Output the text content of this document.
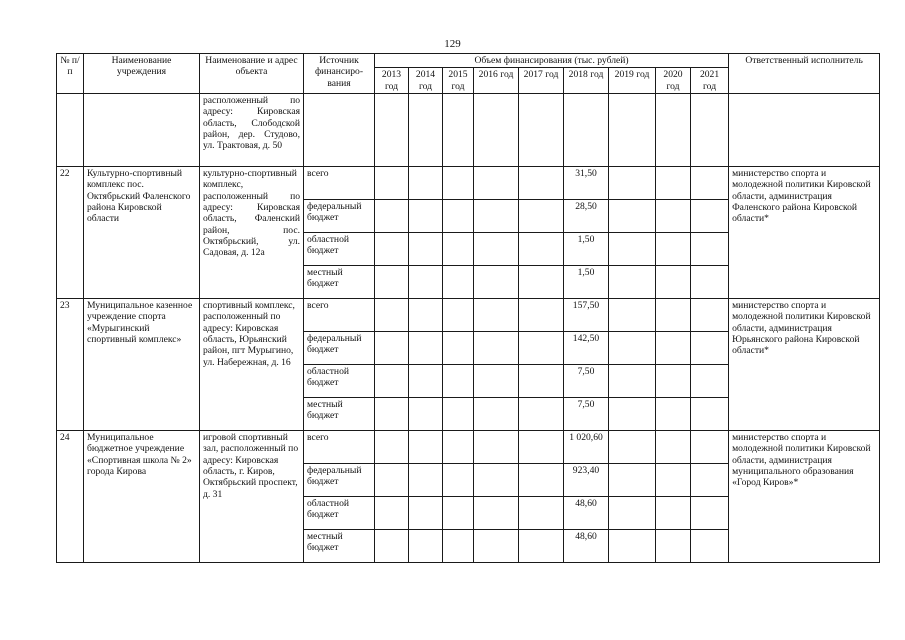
129
№ п/п	Наименование учреждения	Наименование и адрес объекта	Источник финансиро-вания	Объем финансирования (тыс. рублей)									Ответственный исполнитель
				2013 год	2014 год	2015 год	2016 год	2017 год	2018 год	2019 год	2020 год	2021 год	
		расположенный по адресу: Кировская область, Слободской район, дер. Студово, ул. Трактовая, д. 50											
22	Культурно-спортивный комплекс пос. Октябрьский Фаленского района Кировской области	культурно-спортивный комплекс, расположенный по адресу: Кировская область, Фаленский район, пос. Октябрьский, ул. Садовая, д. 12а	всего						31,50				министерство спорта и молодежной политики Кировской области, администрация Фаленского района Кировской области*
			федеральный бюджет						28,50				
			областной бюджет						1,50				
			местный бюджет						1,50				
23	Муниципальное казенное учреждение спорта «Мурыгинский спортивный комплекс»	спортивный комплекс, расположенный по адресу: Кировская область, Юрьянский район, пгт Мурыгино, ул. Набережная, д. 16	всего						157,50				министерство спорта и молодежной политики Кировской области, администрация Юрьянского района Кировской области*
			федеральный бюджет						142,50				
			областной бюджет						7,50				
			местный бюджет						7,50				
24	Муниципальное бюджетное учреждение «Спортивная школа № 2» города Кирова	игровой спортивный зал, расположенный по адресу: Кировская область, г. Киров, Октябрьский проспект, д. 31	всего						1 020,60				министерство спорта и молодежной политики Кировской области, администрация муниципального образования «Город Киров»*
			федеральный бюджет						923,40				
			областной бюджет						48,60				
			местный бюджет						48,60				
